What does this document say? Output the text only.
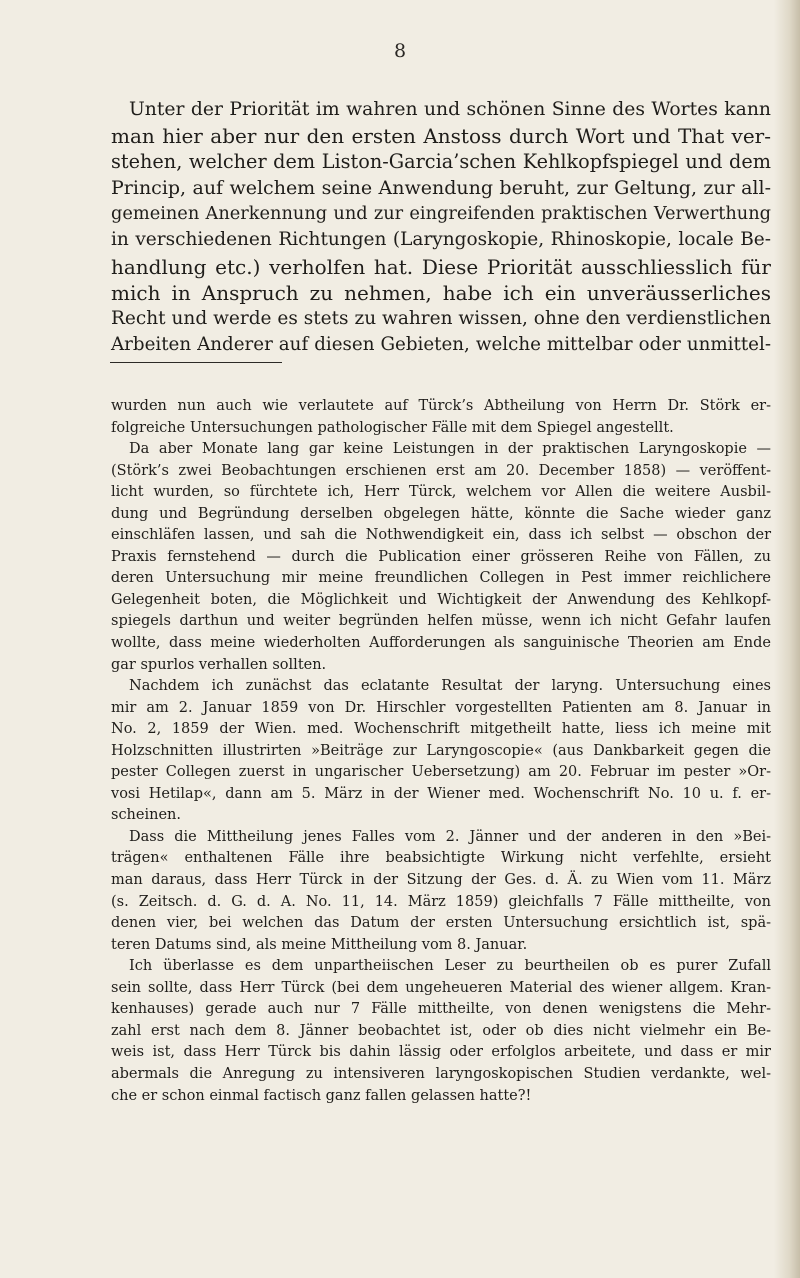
8
Unter der Priorität im wahren und schönen Sinne des Wortes kann
man hier aber nur den ersten Anstoss durch Wort und That ver-
stehen, welcher dem Liston-Garcia’schen Kehlkopfspiegel und dem
Princip, auf welchem seine Anwendung beruht, zur Geltung, zur all-
gemeinen Anerkennung und zur eingreifenden praktischen Verwerthung
in verschiedenen Richtungen (Laryngoskopie, Rhinoskopie, locale Be-
handlung etc.) verholfen hat. Diese Priorität ausschliesslich für
mich in Anspruch zu nehmen, habe ich ein unveräusserliches
Recht und werde es stets zu wahren wissen, ohne den verdienstlichen
Arbeiten Anderer auf diesen Gebieten, welche mittelbar oder unmittel-
wurden nun auch wie verlautete auf Türck’s Abtheilung von Herrn Dr. Störk er-
folgreiche Untersuchungen pathologischer Fälle mit dem Spiegel angestellt.
Da aber Monate lang gar keine Leistungen in der praktischen Laryngoskopie —
(Störk’s zwei Beobachtungen erschienen erst am 20. December 1858) — veröffent-
licht wurden, so fürchtete ich, Herr Türck, welchem vor Allen die weitere Ausbil-
dung und Begründung derselben obgelegen hätte, könnte die Sache wieder ganz
einschläfen lassen, und sah die Nothwendigkeit ein, dass ich selbst — obschon der
Praxis fernstehend — durch die Publication einer grösseren Reihe von Fällen, zu
deren Untersuchung mir meine freundlichen Collegen in Pest immer reichlichere
Gelegenheit boten, die Möglichkeit und Wichtigkeit der Anwendung des Kehlkopf-
spiegels darthun und weiter begründen helfen müsse, wenn ich nicht Gefahr laufen
wollte, dass meine wiederholten Aufforderungen als sanguinische Theorien am Ende
gar spurlos verhallen sollten.
Nachdem ich zunächst das eclatante Resultat der laryng. Untersuchung eines
mir am 2. Januar 1859 von Dr. Hirschler vorgestellten Patienten am 8. Januar in
No. 2, 1859 der Wien. med. Wochenschrift mitgetheilt hatte, liess ich meine mit
Holzschnitten illustrirten »Beiträge zur Laryngoscopie« (aus Dankbarkeit gegen die
pester Collegen zuerst in ungarischer Uebersetzung) am 20. Februar im pester »Or-
vosi Hetilap«, dann am 5. März in der Wiener med. Wochenschrift No. 10 u. f. er-
scheinen.
Dass die Mittheilung jenes Falles vom 2. Jänner und der anderen in den »Bei-
trägen« enthaltenen Fälle ihre beabsichtigte Wirkung nicht verfehlte, ersieht
man daraus, dass Herr Türck in der Sitzung der Ges. d. Ä. zu Wien vom 11. März
(s. Zeitsch. d. G. d. A. No. 11, 14. März 1859) gleichfalls 7 Fälle mittheilte, von
denen vier, bei welchen das Datum der ersten Untersuchung ersichtlich ist, spä-
teren Datums sind, als meine Mittheilung vom 8. Januar.
Ich überlasse es dem unpartheiischen Leser zu beurtheilen ob es purer Zufall
sein sollte, dass Herr Türck (bei dem ungeheueren Material des wiener allgem. Kran-
kenhauses) gerade auch nur 7 Fälle mittheilte, von denen wenigstens die Mehr-
zahl erst nach dem 8. Jänner beobachtet ist, oder ob dies nicht vielmehr ein Be-
weis ist, dass Herr Türck bis dahin lässig oder erfolglos arbeitete, und dass er mir
abermals die Anregung zu intensiveren laryngoskopischen Studien verdankte, wel-
che er schon einmal factisch ganz fallen gelassen hatte?!
